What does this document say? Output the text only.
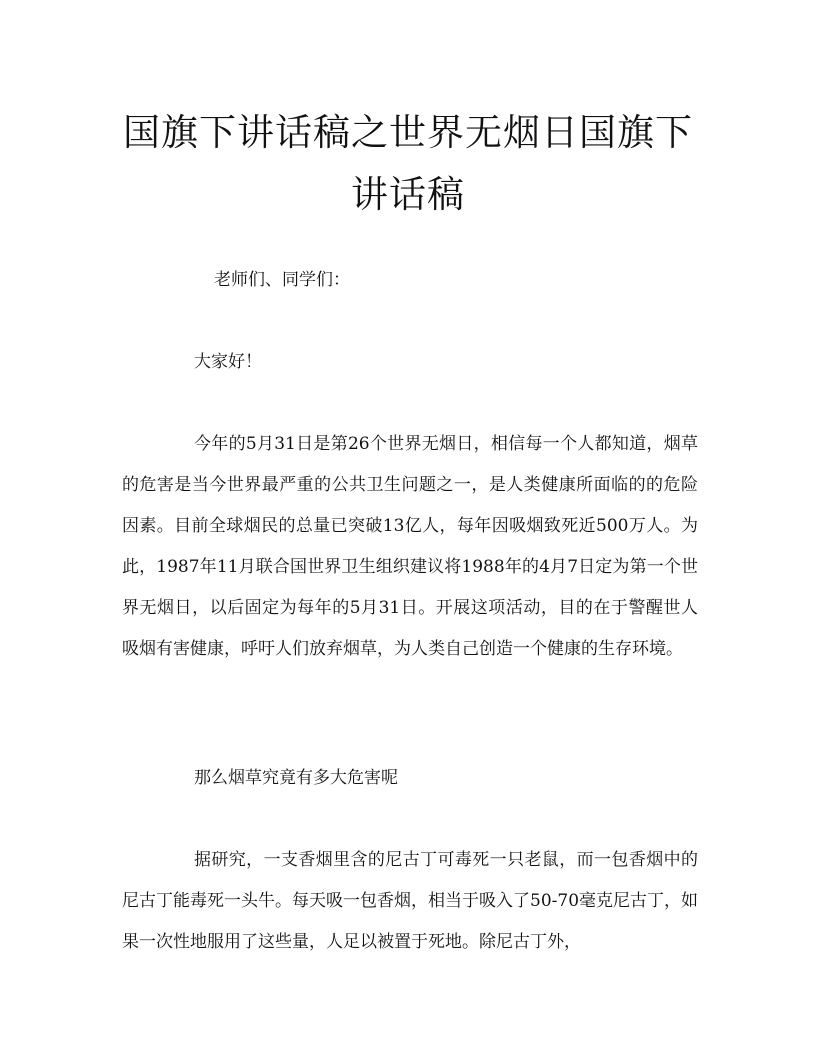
国旗下讲话稿之世界无烟日国旗下讲话稿

老师们、同学们：

大家好！

今年的5月31日是第26个世界无烟日，相信每一个人都知道，烟草的危害是当今世界最严重的公共卫生问题之一，是人类健康所面临的的危险因素。目前全球烟民的总量已突破13亿人，每年因吸烟致死近500万人。为此，1987年11月联合国世界卫生组织建议将1988年的4月7日定为第一个世界无烟日，以后固定为每年的5月31日。开展这项活动，目的在于警醒世人吸烟有害健康，呼吁人们放弃烟草，为人类自己创造一个健康的生存环境。

那么烟草究竟有多大危害呢

据研究，一支香烟里含的尼古丁可毒死一只老鼠，而一包香烟中的尼古丁能毒死一头牛。每天吸一包香烟，相当于吸入了50-70毫克尼古丁，如果一次性地服用了这些量，人足以被置于死地。除尼古丁外，
